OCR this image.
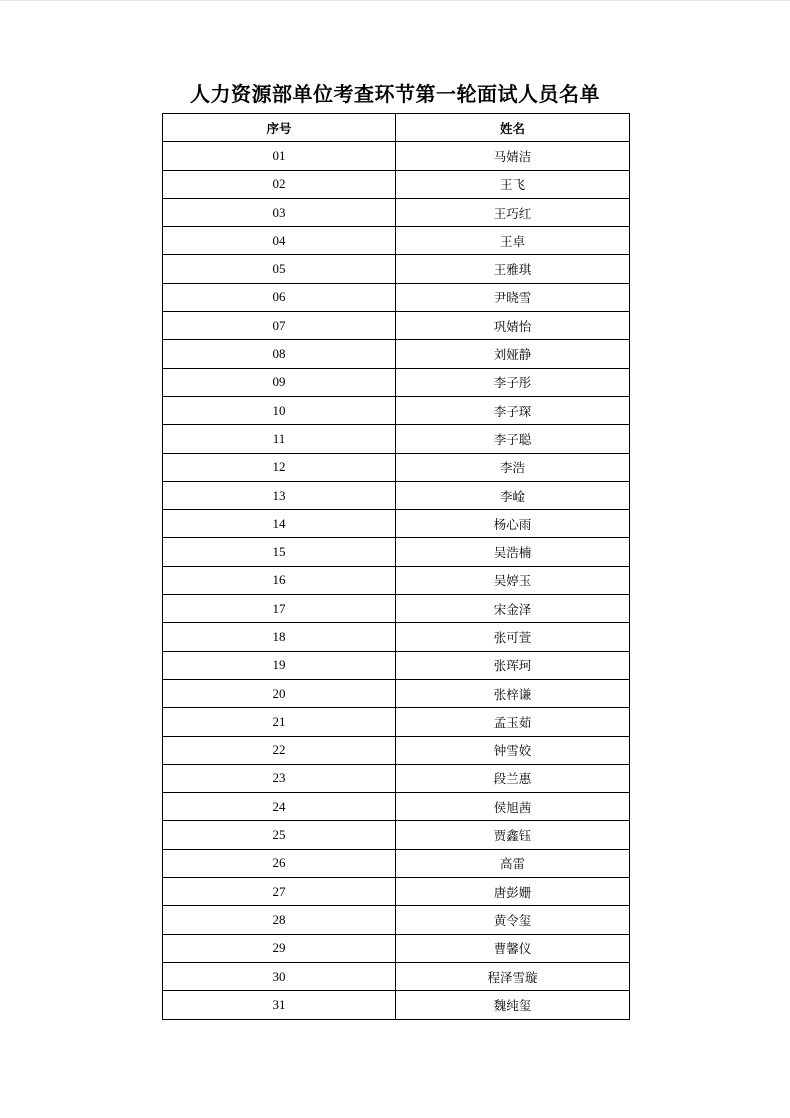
人力资源部单位考查环节第一轮面试人员名单
序号	姓名
01	马婧洁
02	王飞
03	王巧红
04	王卓
05	王雅琪
06	尹晓雪
07	巩婧怡
08	刘娅静
09	李子彤
10	李子琛
11	李子聪
12	李浩
13	李崯
14	杨心雨
15	吴浩楠
16	吴婷玉
17	宋金泽
18	张可萱
19	张珲珂
20	张梓谦
21	孟玉茹
22	钟雪姣
23	段兰惠
24	侯旭茜
25	贾鑫钰
26	高雷
27	唐彭姗
28	黄令玺
29	曹馨仪
30	程泽雪璇
31	魏纯玺
